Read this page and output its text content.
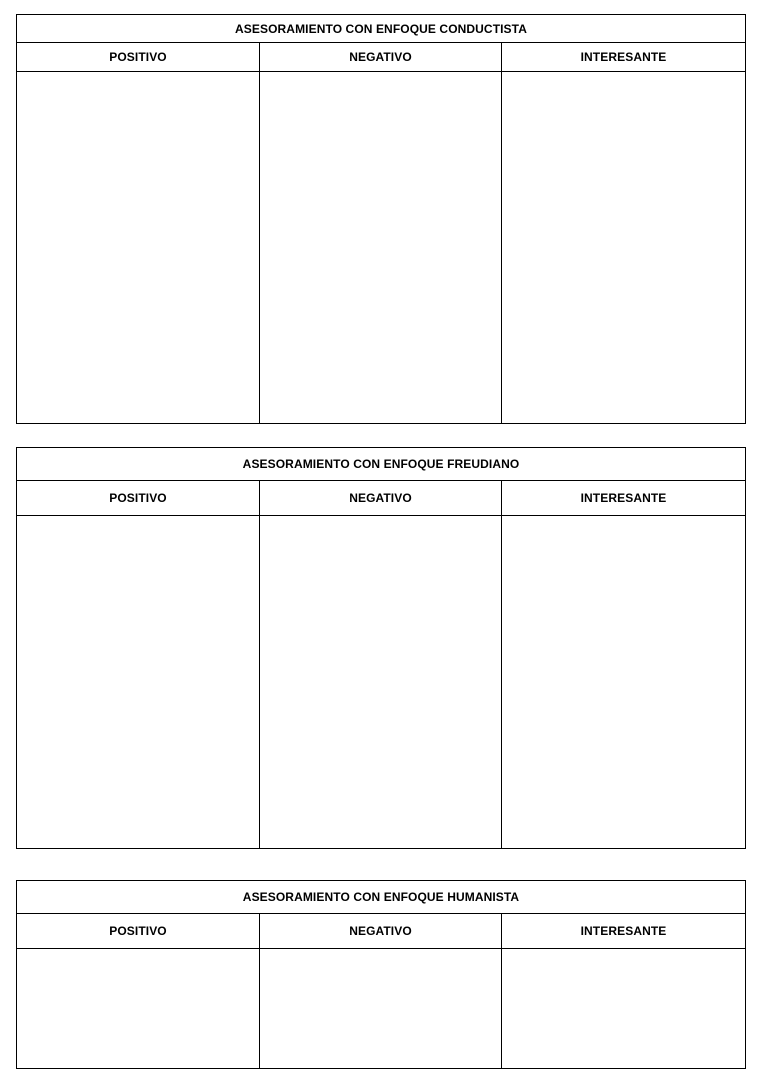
ASESORAMIENTO CON ENFOQUE CONDUCTISTA		
POSITIVO	NEGATIVO	INTERESANTE

ASESORAMIENTO CON ENFOQUE FREUDIANO		
POSITIVO	NEGATIVO	INTERESANTE

ASESORAMIENTO CON ENFOQUE HUMANISTA		
POSITIVO	NEGATIVO	INTERESANTE
